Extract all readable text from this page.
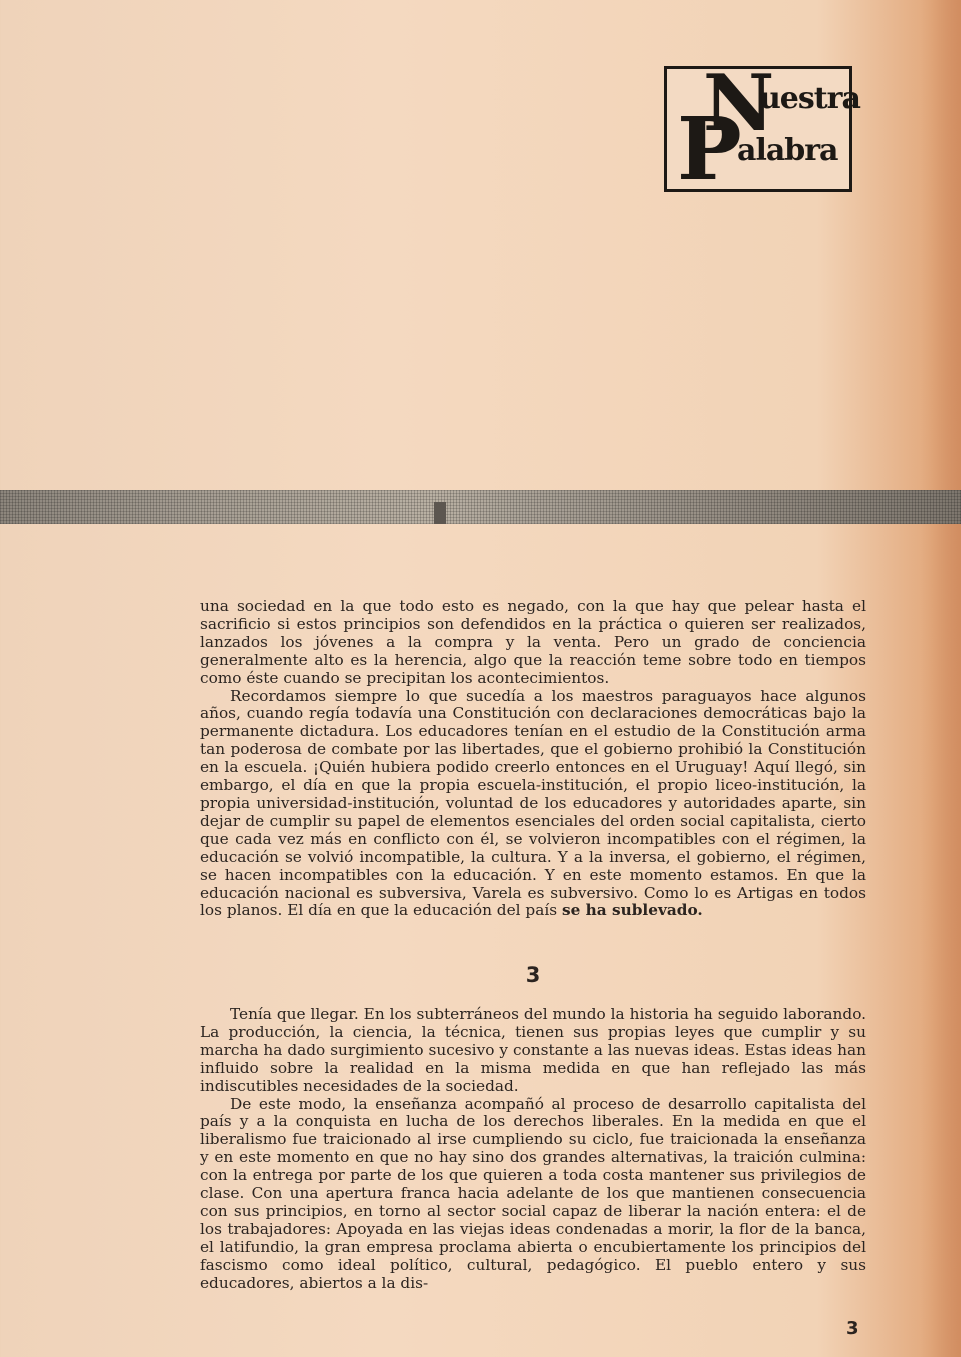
N
uestra
P
alabra

una sociedad en la que todo esto es negado, con la que hay que pelear hasta el sacrificio si estos principios son defendidos en la práctica o quieren ser realizados, lanzados los jóvenes a la compra y la venta. Pero un grado de conciencia generalmente alto es la herencia, algo que la reacción teme sobre todo en tiempos como éste cuando se precipitan los acontecimientos.

Recordamos siempre lo que sucedía a los maestros paraguayos hace algunos años, cuando regía todavía una Constitución con declaraciones democráticas bajo la permanente dictadura. Los educadores tenían en el estudio de la Constitución arma tan poderosa de combate por las libertades, que el gobierno prohibió la Constitución en la escuela. ¡Quién hubiera podido creerlo entonces en el Uruguay! Aquí llegó, sin embargo, el día en que la propia escuela-institución, el propio liceo-institución, la propia universidad-institución, voluntad de los educadores y autoridades aparte, sin dejar de cumplir su papel de elementos esenciales del orden social capitalista, cierto que cada vez más en conflicto con él, se volvieron incompatibles con el régimen, la educación se volvió incompatible, la cultura. Y a la inversa, el gobierno, el régimen, se hacen incompatibles con la educación. Y en este momento estamos. En que la educación nacional es subversiva, Varela es subversivo. Como lo es Artigas en todos los planos. El día en que la educación del país se ha sublevado.

3

Tenía que llegar. En los subterráneos del mundo la historia ha seguido laborando. La producción, la ciencia, la técnica, tienen sus propias leyes que cumplir y su marcha ha dado surgimiento sucesivo y constante a las nuevas ideas. Estas ideas han influido sobre la realidad en la misma medida en que han reflejado las más indiscutibles necesidades de la sociedad.

De este modo, la enseñanza acompañó al proceso de desarrollo capitalista del país y a la conquista en lucha de los derechos liberales. En la medida en que el liberalismo fue traicionado al irse cumpliendo su ciclo, fue traicionada la enseñanza y en este momento en que no hay sino dos grandes alternativas, la traición culmina: con la entrega por parte de los que quieren a toda costa mantener sus privilegios de clase. Con una apertura franca hacia adelante de los que mantienen consecuencia con sus principios, en torno al sector social capaz de liberar la nación entera: el de los trabajadores: Apoyada en las viejas ideas condenadas a morir, la flor de la banca, el latifundio, la gran empresa proclama abierta o encubiertamente los principios del fascismo como ideal político, cultural, pedagógico. El pueblo entero y sus educadores, abiertos a la dis-

3
